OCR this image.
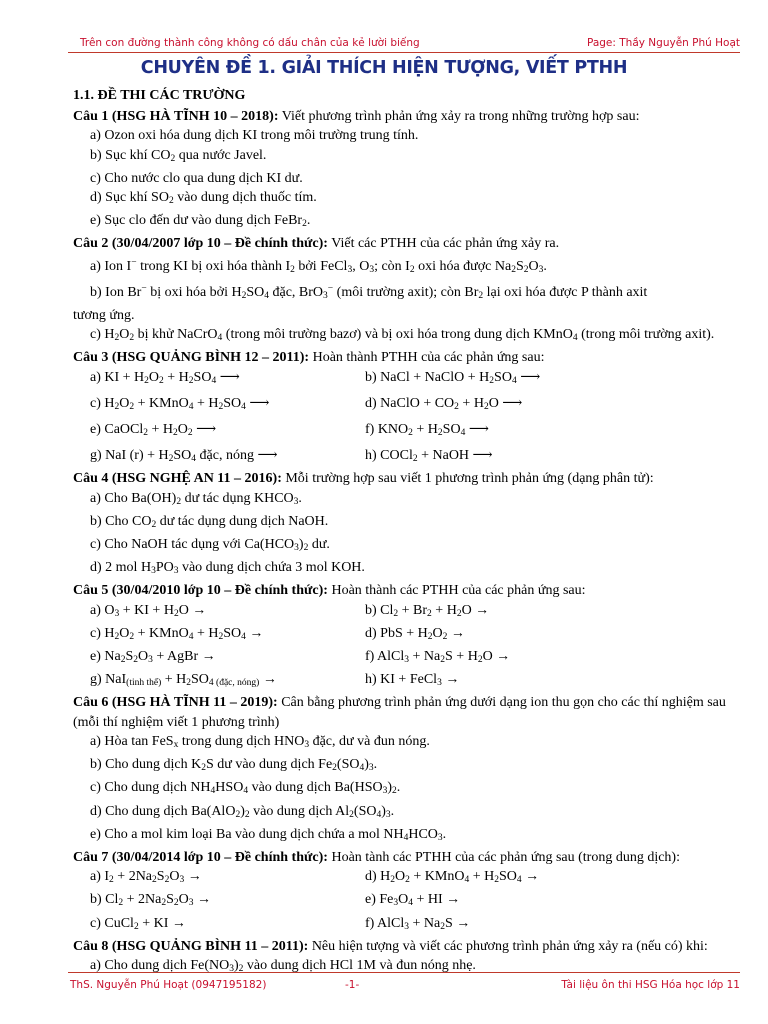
Trên con đường thành công không có dấu chân của kẻ lười biếng	Page: Thầy Nguyễn Phú Hoạt
CHUYÊN ĐỀ 1. GIẢI THÍCH HIỆN TƯỢNG, VIẾT PTHH
1.1. ĐỀ THI CÁC TRƯỜNG
Câu 1 (HSG HÀ TĨNH 10 – 2018): Viết phương trình phản ứng xảy ra trong những trường hợp sau:
a) Ozon oxi hóa dung dịch KI trong môi trường trung tính.
b) Sục khí $CO_2$ qua nước Javel.
c) Cho nước clo qua dung dịch KI dư.
d) Sục khí $SO_2$ vào dung dịch thuốc tím.
e) Sục clo đến dư vào dung dịch FeBr$_2$.
Câu 2 (30/04/2007 lớp 10 – Đề chính thức): Viết các PTHH của các phản ứng xảy ra.
a) Ion I− trong KI bị oxi hóa thành $I_2$ bởi FeCl$_3$, $O_3$; còn $I_2$ oxi hóa được $Na_2S_2O_3$.
b) Ion Br− bị oxi hóa bởi $H_2SO_4$ đặc, BrO$_3$− (môi trường axit); còn $Br_2$ lại oxi hóa được P thành axit
tương ứng.
c) $H_2O_2$ bị khử NaCrO$_4$ (trong môi trường bazơ) và bị oxi hóa trong dung dịch KMnO$_4$ (trong môi trường axit).
Câu 3 (HSG QUẢNG BÌNH 12 – 2011): Hoàn thành PTHH của các phản ứng sau:
a) KI + $H_2O_2 + H_2SO_4$ ⟶	b) NaCl + NaClO + $H_2SO_4$ ⟶
c) $H_2O_2$ + KMnO$_4$ + $H_2SO_4$ ⟶	d) NaClO + $CO_2 + H_2O$ ⟶
e) CaOCl$_2$ + $H_2O_2$ ⟶	f) $KNO_2 + H_2SO_4$ ⟶
g) NaI $(r) + H_2SO_4$ đặc, nóng ⟶	h) COCl$_2$ + NaOH ⟶
Câu 4 (HSG NGHỆ AN 11 – 2016): Mỗi trường hợp sau viết 1 phương trình phản ứng (dạng phân tử):
a) Cho $Ba(OH)_2$ dư tác dụng $KHCO_3$.
b) Cho $CO_2$ dư tác dụng dung dịch NaOH.
c) Cho NaOH tác dụng với $Ca(HCO_3)_2$ dư.
d) 2 mol $H_3PO_3$ vào dung dịch chứa 3 mol KOH.
Câu 5 (30/04/2010 lớp 10 – Đề chính thức): Hoàn thành các PTHH của các phản ứng sau:
a) $O_3$ + KI + $H_2O$ →	b) $Cl_2 + Br_2 + H_2O$ →
c) $H_2O_2$ + KMnO$_4$ + $H_2SO_4$ →	d) PbS + $H_2O_2$ →
e) $Na_2S_2O_3$ + AgBr →	f) AlCl$_3$ + $Na_2S + H_2O$ →
g) $NaI_{(tinh thể)} + H_2SO_{4 (đặc, nóng)}$ →	h) KI + FeCl$_3$ →
Câu 6 (HSG HÀ TĨNH 11 – 2019): Cân bằng phương trình phản ứng dưới dạng ion thu gọn cho các thí nghiệm sau (mỗi thí nghiệm viết 1 phương trình)
a) Hòa tan FeS$_x$ trong dung dịch $HNO_3$ đặc, dư và đun nóng.
b) Cho dung dịch $K_2S$ dư vào dung dịch $Fe_2(SO_4)_3$.
c) Cho dung dịch $NH_4HSO_4$ vào dung dịch $Ba(HSO_3)_2$.
d) Cho dung dịch $Ba(AlO_2)_2$ vào dung dịch $Al_2(SO_4)_3$.
e) Cho a mol kim loại Ba vào dung dịch chứa a mol $NH_4HCO_3$.
Câu 7 (30/04/2014 lớp 10 – Đề chính thức): Hoàn tành các PTHH của các phản ứng sau (trong dung dịch):
a) $I_2 + 2Na_2S_2O_3$ →	d) $H_2O_2$ + KMnO$_4$ + $H_2SO_4$ →
b) $Cl_2 + 2Na_2S_2O_3$ →	e) $Fe_3O_4$ + HI →
c) CuCl$_2$ + KI →	f) AlCl$_3$ + $Na_2S$ →
Câu 8 (HSG QUẢNG BÌNH 11 – 2011): Nêu hiện tượng và viết các phương trình phản ứng xảy ra (nếu có) khi:
a) Cho dung dịch $Fe(NO_3)_2$ vào dung dịch HCl 1M và đun nóng nhẹ.
ThS. Nguyễn Phú Hoạt (0947195182)	-1-	Tài liệu ôn thi HSG Hóa học lớp 11
